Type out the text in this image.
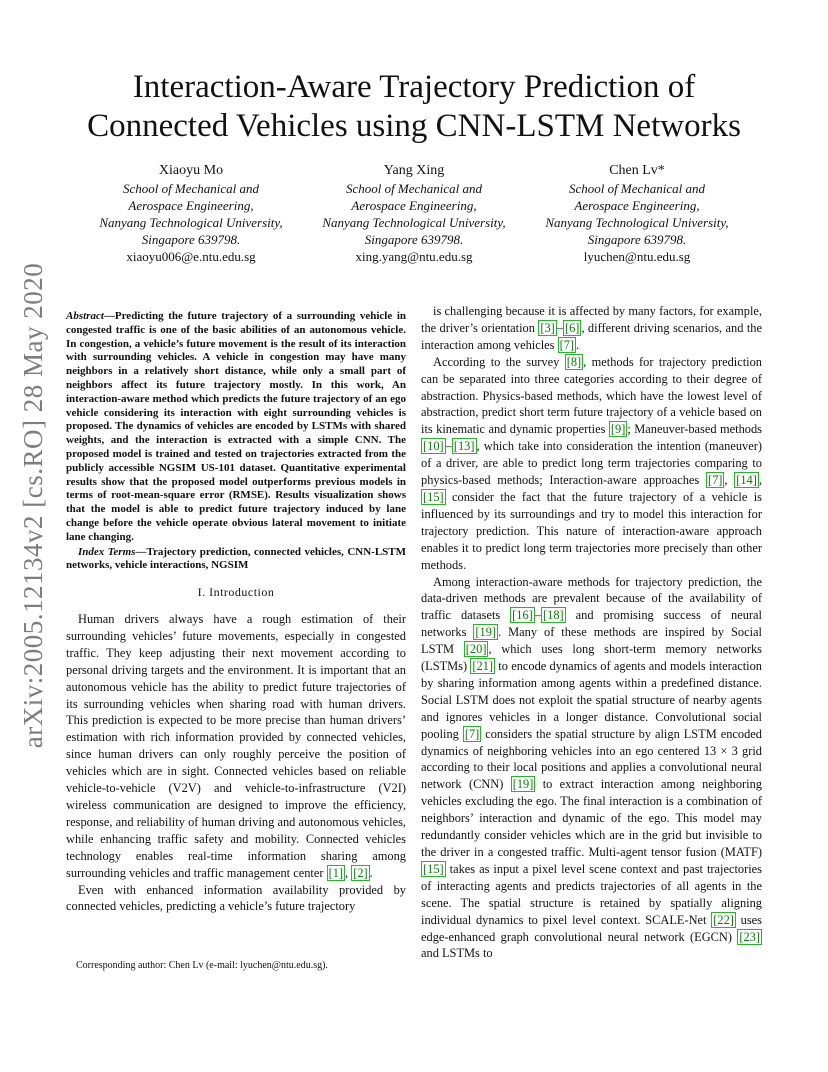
arXiv:2005.12134v2 [cs.RO] 28 May 2020
Interaction-Aware Trajectory Prediction of
Connected Vehicles using CNN-LSTM Networks
Xiaoyu Mo
School of Mechanical and
Aerospace Engineering,
Nanyang Technological University,
Singapore 639798.
xiaoyu006@e.ntu.edu.sg
Yang Xing
School of Mechanical and
Aerospace Engineering,
Nanyang Technological University,
Singapore 639798.
xing.yang@ntu.edu.sg
Chen Lv*
School of Mechanical and
Aerospace Engineering,
Nanyang Technological University,
Singapore 639798.
lyuchen@ntu.edu.sg
Abstract—Predicting the future trajectory of a surrounding vehicle in congested traffic is one of the basic abilities of an autonomous vehicle. In congestion, a vehicle’s future movement is the result of its interaction with surrounding vehicles. A vehicle in congestion may have many neighbors in a relatively short distance, while only a small part of neighbors affect its future trajectory mostly. In this work, An interaction-aware method which predicts the future trajectory of an ego vehicle considering its interaction with eight surrounding vehicles is proposed. The dynamics of vehicles are encoded by LSTMs with shared weights, and the interaction is extracted with a simple CNN. The proposed model is trained and tested on trajectories extracted from the publicly accessible NGSIM US-101 dataset. Quantitative experimental results show that the proposed model outperforms previous models in terms of root-mean-square error (RMSE). Results visualization shows that the model is able to predict future trajectory induced by lane change before the vehicle operate obvious lateral movement to initiate lane changing.
Index Terms—Trajectory prediction, connected vehicles, CNN-LSTM networks, vehicle interactions, NGSIM
I. Introduction

Human drivers always have a rough estimation of their surrounding vehicles’ future movements, especially in congested traffic. They keep adjusting their next movement according to personal driving targets and the environment. It is important that an autonomous vehicle has the ability to predict future trajectories of its surrounding vehicles when sharing road with human drivers. This prediction is expected to be more precise than human drivers’ estimation with rich information provided by connected vehicles, since human drivers can only roughly perceive the position of vehicles which are in sight. Connected vehicles based on reliable vehicle-to-vehicle (V2V) and vehicle-to-infrastructure (V2I) wireless communication are designed to improve the efficiency, response, and reliability of human driving and autonomous vehicles, while enhancing traffic safety and mobility. Connected vehicles technology enables real-time information sharing among surrounding vehicles and traffic management center [1] , [2] .

Even with enhanced information availability provided by connected vehicles, predicting a vehicle’s future trajectory

is challenging because it is affected by many factors, for example, the driver’s orientation [3] – [6] , different driving scenarios, and the interaction among vehicles [7] .

According to the survey [8] , methods for trajectory prediction can be separated into three categories according to their degree of abstraction. Physics-based methods, which have the lowest level of abstraction, predict short term future trajectory of a vehicle based on its kinematic and dynamic properties [9] ; Maneuver-based methods [10] – [13] , which take into consideration the intention (maneuver) of a driver, are able to predict long term trajectories comparing to physics-based methods; Interaction-aware approaches [7] , [14] , [15] consider the fact that the future trajectory of a vehicle is influenced by its surroundings and try to model this interaction for trajectory prediction. This nature of interaction-aware approach enables it to predict long term trajectories more precisely than other methods.

Among interaction-aware methods for trajectory prediction, the data-driven methods are prevalent because of the availability of traffic datasets [16] – [18] and promising success of neural networks [19] . Many of these methods are inspired by Social LSTM [20] , which uses long short-term memory networks (LSTMs) [21] to encode dynamics of agents and models interaction by sharing information among agents within a predefined distance. Social LSTM does not exploit the spatial structure of nearby agents and ignores vehicles in a longer distance. Convolutional social pooling [7] considers the spatial structure by align LSTM encoded dynamics of neighboring vehicles into an ego centered 13 × 3 grid according to their local positions and applies a convolutional neural network (CNN) [19] to extract interaction among neighboring vehicles excluding the ego. The final interaction is a combination of neighbors’ interaction and dynamic of the ego. This model may redundantly consider vehicles which are in the grid but invisible to the driver in a congested traffic. Multi-agent tensor fusion (MATF) [15] takes as input a pixel level scene context and past trajectories of interacting agents and predicts trajectories of all agents in the scene. The spatial structure is retained by spatially aligning individual dynamics to pixel level context. SCALE-Net [22] uses edge-enhanced graph convolutional neural network (EGCN) [23] and LSTMs to

Corresponding author: Chen Lv (e-mail: lyuchen@ntu.edu.sg).
